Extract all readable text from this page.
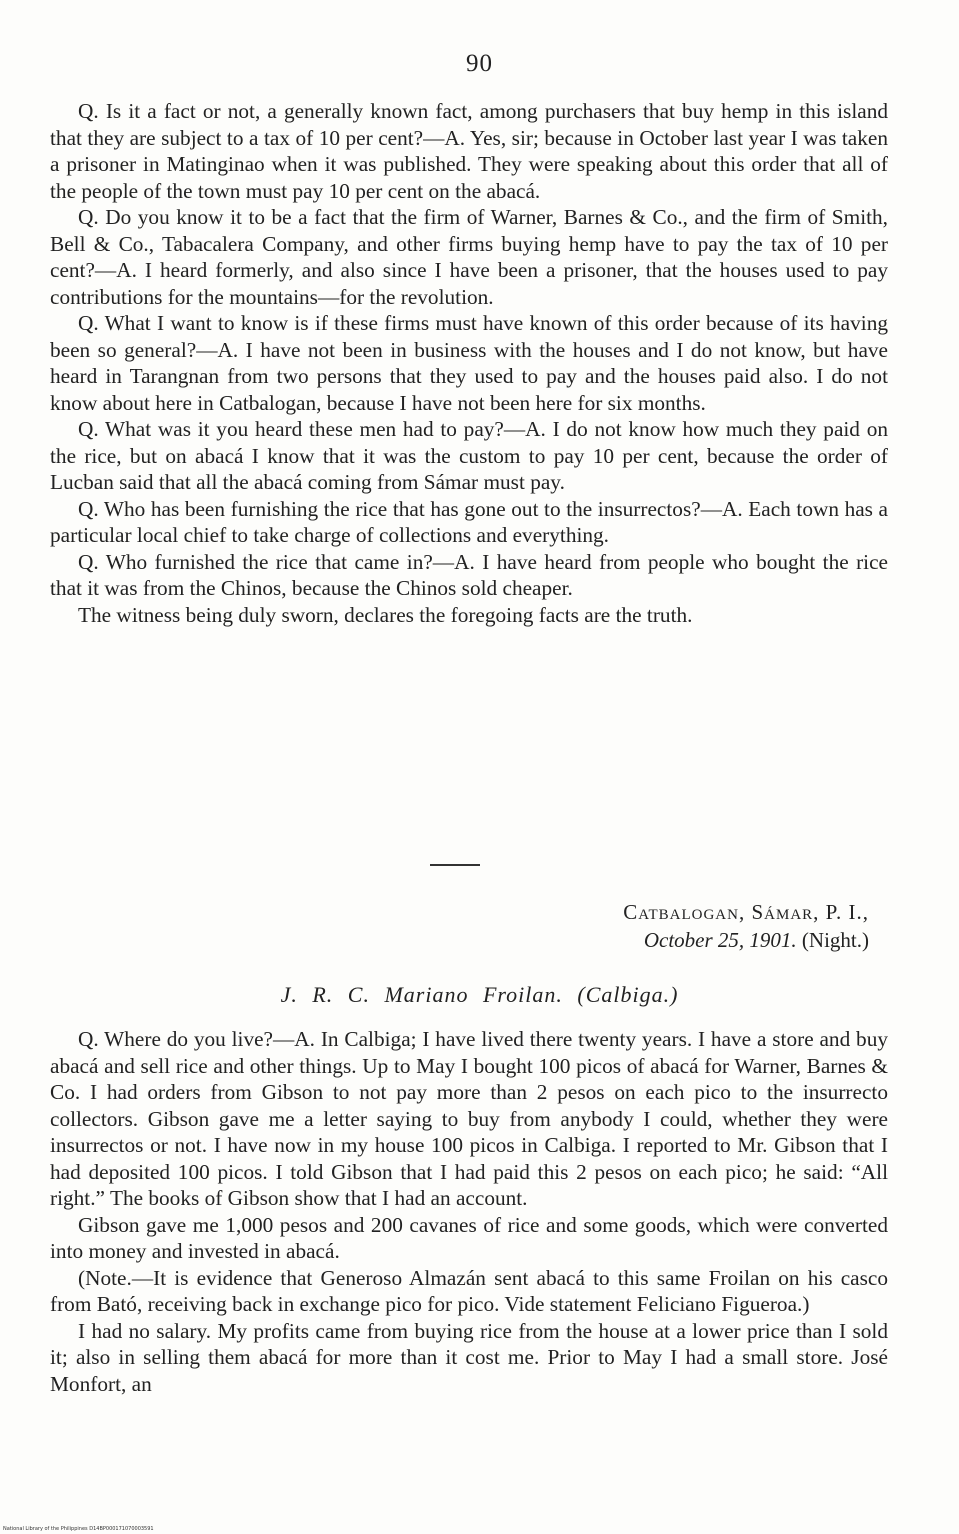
90

Q. Is it a fact or not, a generally known fact, among purchasers that buy hemp in this island that they are subject to a tax of 10 per cent?—A. Yes, sir; because in October last year I was taken a prisoner in Matinginao when it was published. They were speaking about this order that all of the people of the town must pay 10 per cent on the abacá.

Q. Do you know it to be a fact that the firm of Warner, Barnes & Co., and the firm of Smith, Bell & Co., Tabacalera Company, and other firms buying hemp have to pay the tax of 10 per cent?—A. I heard formerly, and also since I have been a prisoner, that the houses used to pay contributions for the mountains—for the revolution.

Q. What I want to know is if these firms must have known of this order because of its having been so general?—A. I have not been in business with the houses and I do not know, but have heard in Tarangnan from two persons that they used to pay and the houses paid also. I do not know about here in Catbalogan, because I have not been here for six months.

Q. What was it you heard these men had to pay?—A. I do not know how much they paid on the rice, but on abacá I know that it was the custom to pay 10 per cent, because the order of Lucban said that all the abacá coming from Sámar must pay.

Q. Who has been furnishing the rice that has gone out to the insurrectos?—A. Each town has a particular local chief to take charge of collections and everything.

Q. Who furnished the rice that came in?—A. I have heard from people who bought the rice that it was from the Chinos, because the Chinos sold cheaper.

The witness being duly sworn, declares the foregoing facts are the truth.

Catbalogan, Sámar, P. I.,
October 25, 1901. (Night.)
J. R. C. Mariano Froilan. (Calbiga.)

Q. Where do you live?—A. In Calbiga; I have lived there twenty years. I have a store and buy abacá and sell rice and other things. Up to May I bought 100 picos of abacá for Warner, Barnes & Co. I had orders from Gibson to not pay more than 2 pesos on each pico to the insurrecto collectors. Gibson gave me a letter saying to buy from anybody I could, whether they were insurrectos or not. I have now in my house 100 picos in Calbiga. I reported to Mr. Gibson that I had deposited 100 picos. I told Gibson that I had paid this 2 pesos on each pico; he said: “All right.” The books of Gibson show that I had an account.

Gibson gave me 1,000 pesos and 200 cavanes of rice and some goods, which were converted into money and invested in abacá.

(Note.—It is evidence that Generoso Almazán sent abacá to this same Froilan on his casco from Bató, receiving back in exchange pico for pico. Vide statement Feliciano Figueroa.)

I had no salary. My profits came from buying rice from the house at a lower price than I sold it; also in selling them abacá for more than it cost me. Prior to May I had a small store. José Monfort, an

National Library of the Philippines D14BP000171070003591
